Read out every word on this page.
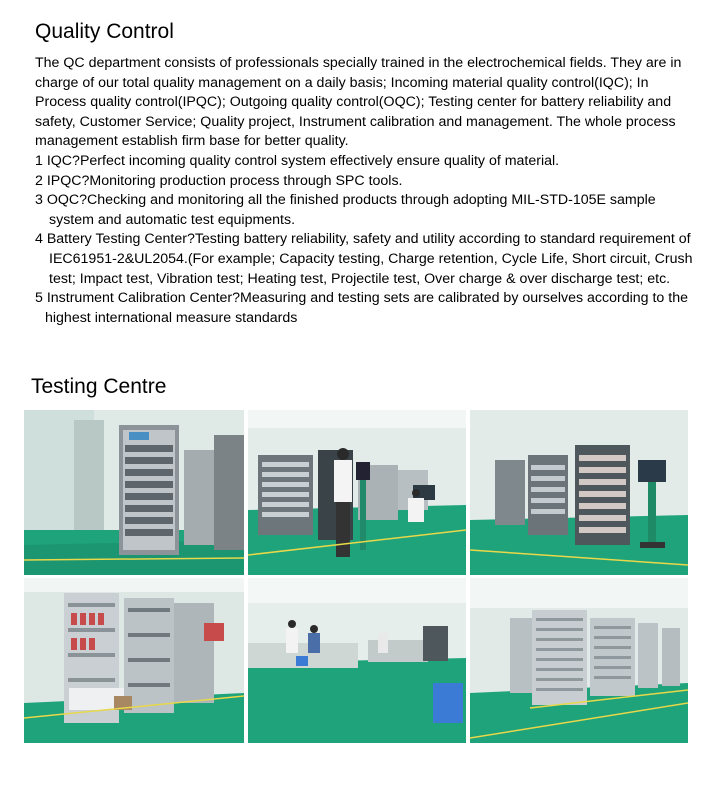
Quality Control

The QC department consists of professionals specially trained in the electrochemical fields. They are in charge of our total quality management on a daily basis; Incoming material quality control(IQC); In Process quality control(IPQC); Outgoing quality control(OQC); Testing center for battery reliability and safety, Customer Service; Quality project, Instrument calibration and management. The whole process management establish firm base for better quality.

1 IQC?Perfect incoming quality control system effectively ensure quality of material.
2 IPQC?Monitoring production process through SPC tools.
3 OQC?Checking and monitoring all the finished products through adopting MIL-STD-105E sample system and automatic test equipments.
4 Battery Testing Center?Testing battery reliability, safety and utility according to standard requirement of IEC61951-2&UL2054.(For example; Capacity testing, Charge retention, Cycle Life, Short circuit, Crush test; Impact test, Vibration test; Heating test, Projectile test, Over charge & over discharge test; etc.
5 Instrument Calibration Center?Measuring and testing sets are calibrated by ourselves according to the highest international measure standards
Testing Centre
